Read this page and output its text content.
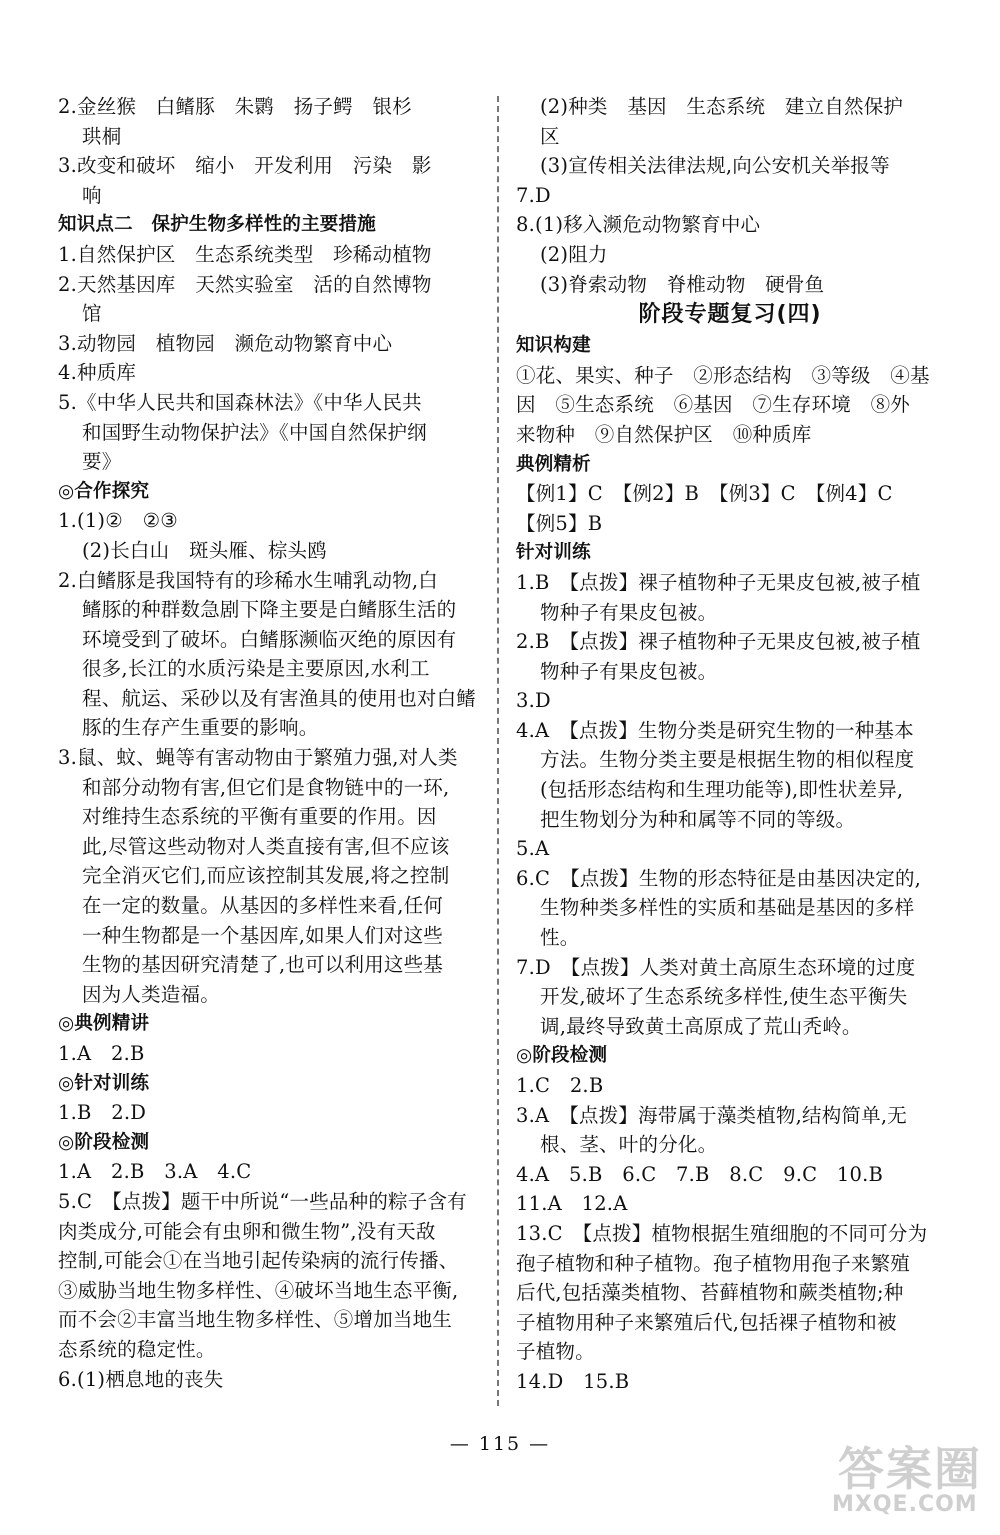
2.金丝猴　白鳍豚　朱鹮　扬子鳄　银杉
珙桐
3.改变和破坏　缩小　开发利用　污染　影
响
知识点二　保护生物多样性的主要措施
1.自然保护区　生态系统类型　珍稀动植物
2.天然基因库　天然实验室　活的自然博物
馆
3.动物园　植物园　濒危动物繁育中心
4.种质库
5.《中华人民共和国森林法》《中华人民共
和国野生动物保护法》《中国自然保护纲
要》
◎合作探究
1.(1)②　②③
(2)长白山　斑头雁、棕头鸥
2.白鳍豚是我国特有的珍稀水生哺乳动物,白
鳍豚的种群数急剧下降主要是白鳍豚生活的
环境受到了破坏。白鳍豚濒临灭绝的原因有
很多,长江的水质污染是主要原因,水利工
程、航运、采砂以及有害渔具的使用也对白鳍
豚的生存产生重要的影响。
3.鼠、蚊、蝇等有害动物由于繁殖力强,对人类
和部分动物有害,但它们是食物链中的一环,
对维持生态系统的平衡有重要的作用。因
此,尽管这些动物对人类直接有害,但不应该
完全消灭它们,而应该控制其发展,将之控制
在一定的数量。从基因的多样性来看,任何
一种生物都是一个基因库,如果人们对这些
生物的基因研究清楚了,也可以利用这些基
因为人类造福。
◎典例精讲
1.A　2.B
◎针对训练
1.B　2.D
◎阶段检测
1.A　2.B　3.A　4.C
5.C　【点拨】题干中所说“一些品种的粽子含有
肉类成分,可能会有虫卵和微生物”,没有天敌
控制,可能会①在当地引起传染病的流行传播、
③威胁当地生物多样性、④破坏当地生态平衡,
而不会②丰富当地生物多样性、⑤增加当地生
态系统的稳定性。
6.(1)栖息地的丧失
(2)种类　基因　生态系统　建立自然保护
区
(3)宣传相关法律法规,向公安机关举报等
7.D
8.(1)移入濒危动物繁育中心
(2)阻力
(3)脊索动物　脊椎动物　硬骨鱼
阶段专题复习(四)
知识构建
①花、果实、种子　②形态结构　③等级　④基
因　⑤生态系统　⑥基因　⑦生存环境　⑧外
来物种　⑨自然保护区　⑩种质库
典例精析
【例1】C　【例2】B　【例3】C　【例4】C
【例5】B
针对训练
1.B　【点拨】裸子植物种子无果皮包被,被子植
物种子有果皮包被。
2.B　【点拨】裸子植物种子无果皮包被,被子植
物种子有果皮包被。
3.D
4.A　【点拨】生物分类是研究生物的一种基本
方法。生物分类主要是根据生物的相似程度
(包括形态结构和生理功能等),即性状差异,
把生物划分为种和属等不同的等级。
5.A
6.C　【点拨】生物的形态特征是由基因决定的,
生物种类多样性的实质和基础是基因的多样
性。
7.D　【点拨】人类对黄土高原生态环境的过度
开发,破坏了生态系统多样性,使生态平衡失
调,最终导致黄土高原成了荒山秃岭。
◎阶段检测
1.C　2.B
3.A　【点拨】海带属于藻类植物,结构简单,无
根、茎、叶的分化。
4.A　5.B　6.C　7.B　8.C　9.C　10.B
11.A　12.A
13.C　【点拨】植物根据生殖细胞的不同可分为
孢子植物和种子植物。孢子植物用孢子来繁殖
后代,包括藻类植物、苔藓植物和蕨类植物;种
子植物用种子来繁殖后代,包括裸子植物和被
子植物。
14.D　15.B
— 115 —	答案圈
MXQE.COM
